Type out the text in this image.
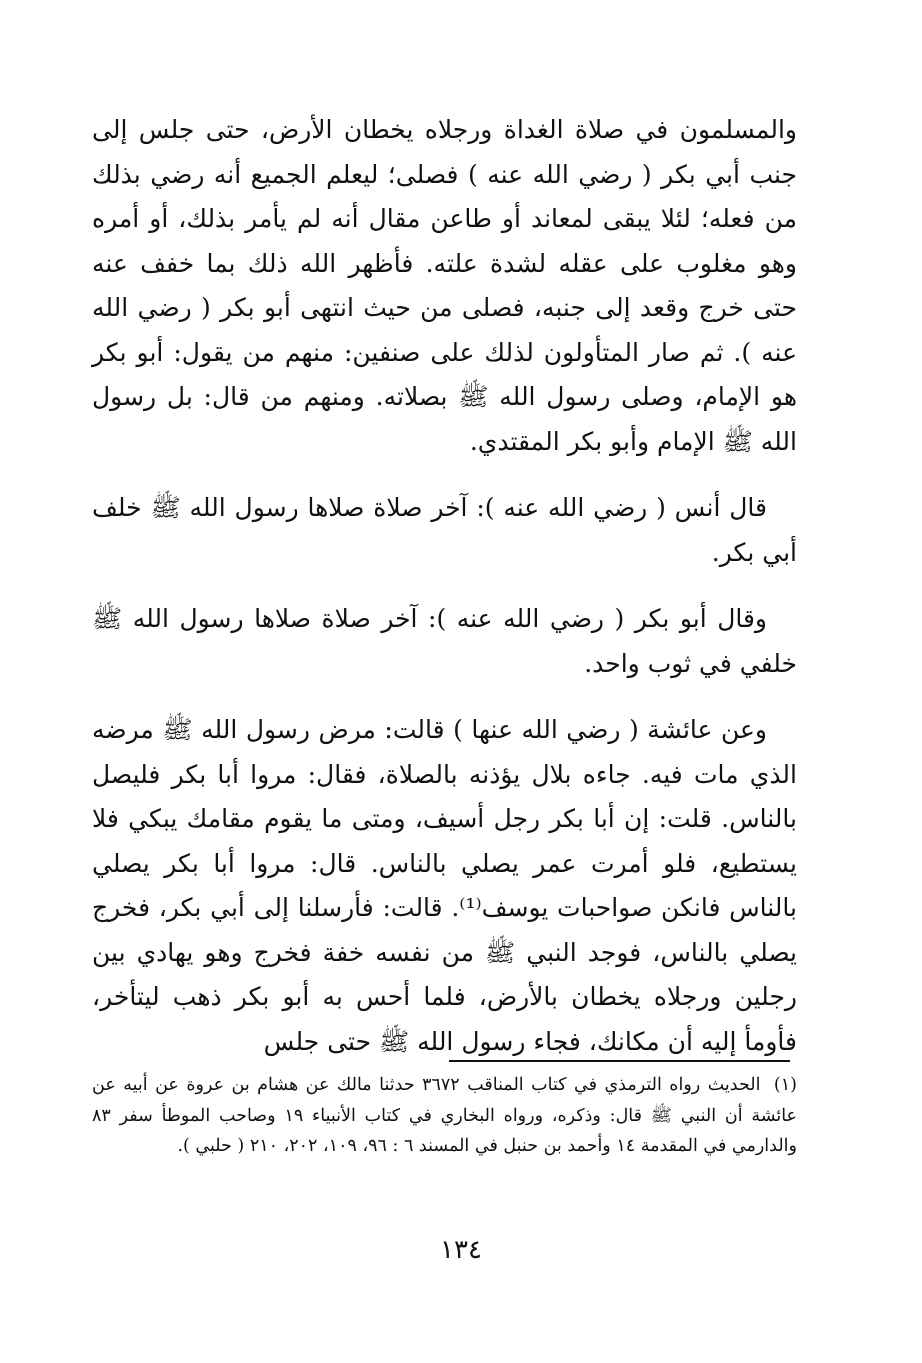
والمسلمون في صلاة الغداة ورجلاه يخطان الأرض، حتى جلس إلى جنب أبي بكر ( رضي الله عنه ) فصلى؛ ليعلم الجميع أنه رضي بذلك من فعله؛ لئلا يبقى لمعاند أو طاعن مقال أنه لم يأمر بذلك، أو أمره وهو مغلوب على عقله لشدة علته. فأظهر الله ذلك بما خفف عنه حتى خرج وقعد إلى جنبه، فصلى من حيث انتهى أبو بكر ( رضي الله عنه ). ثم صار المتأولون لذلك على صنفين: منهم من يقول: أبو بكر هو الإمام، وصلى رسول الله ﷺ بصلاته. ومنهم من قال: بل رسول الله ﷺ الإمام وأبو بكر المقتدي.

قال أنس ( رضي الله عنه ): آخر صلاة صلاها رسول الله ﷺ خلف أبي بكر.

وقال أبو بكر ( رضي الله عنه ): آخر صلاة صلاها رسول الله ﷺ خلفي في ثوب واحد.

وعن عائشة ( رضي الله عنها ) قالت: مرض رسول الله ﷺ مرضه الذي مات فيه. جاءه بلال يؤذنه بالصلاة، فقال: مروا أبا بكر فليصل بالناس. قلت: إن أبا بكر رجل أسيف، ومتى ما يقوم مقامك يبكي فلا يستطيع، فلو أمرت عمر يصلي بالناس. قال: مروا أبا بكر يصلي بالناس فانكن صواحبات يوسف⁽¹⁾. قالت: فأرسلنا إلى أبي بكر، فخرج يصلي بالناس، فوجد النبي ﷺ من نفسه خفة فخرج وهو يهادي بين رجلين ورجلاه يخطان بالأرض، فلما أحس به أبو بكر ذهب ليتأخر، فأومأ إليه أن مكانك، فجاء رسول الله ﷺ حتى جلس

(١) الحديث رواه الترمذي في كتاب المناقب ٣٦٧٢ حدثنا مالك عن هشام بن عروة عن أبيه عن عائشة أن النبي ﷺ قال: وذكره، ورواه البخاري في كتاب الأنبياء ١٩ وصاحب الموطأ سفر ٨٣ والدارمي في المقدمة ١٤ وأحمد بن حنبل في المسند ٦ : ٩٦، ١٠٩، ٢٠٢، ٢١٠ ( حلبي ).
١٣٤
